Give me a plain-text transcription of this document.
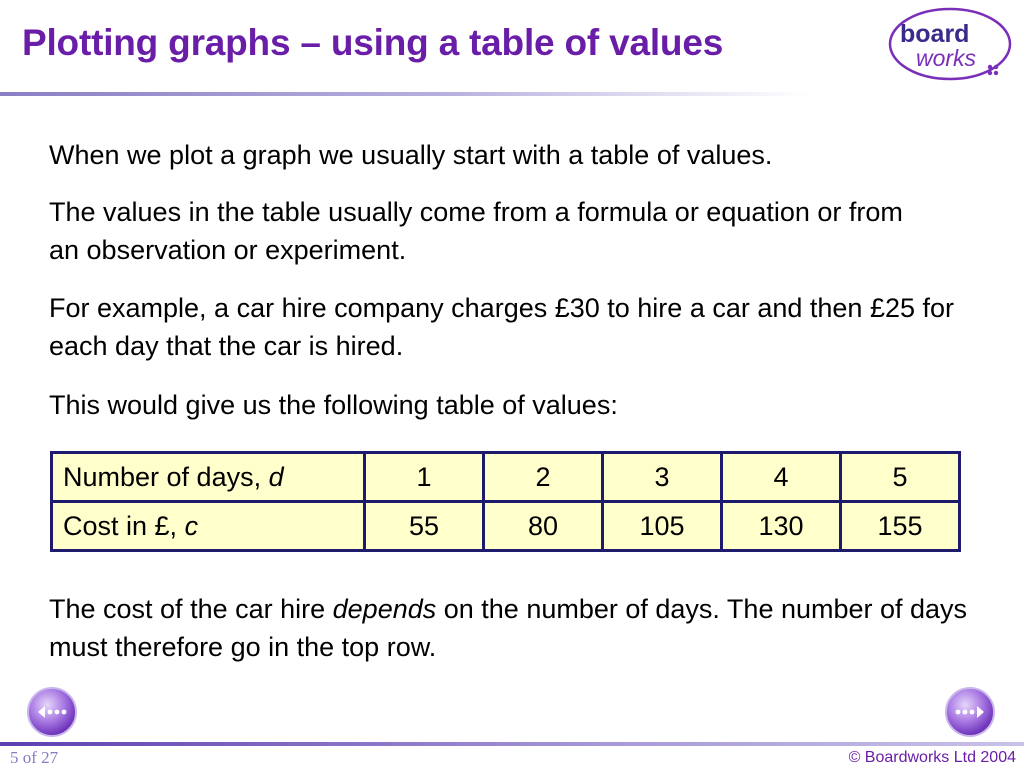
Plotting graphs – using a table of values	board
works

When we plot a graph we usually start with a table of values.

The values in the table usually come from a formula or equation or from an observation or experiment.

For example, a car hire company charges £30 to hire a car and then £25 for each day that the car is hired.

This would give us the following table of values:

Number of days, d	1	2	3	4	5
Cost in £, c	55	80	105	130	155

The cost of the car hire depends on the number of days. The number of days must therefore go in the top row.

5 of 27	© Boardworks Ltd 2004
